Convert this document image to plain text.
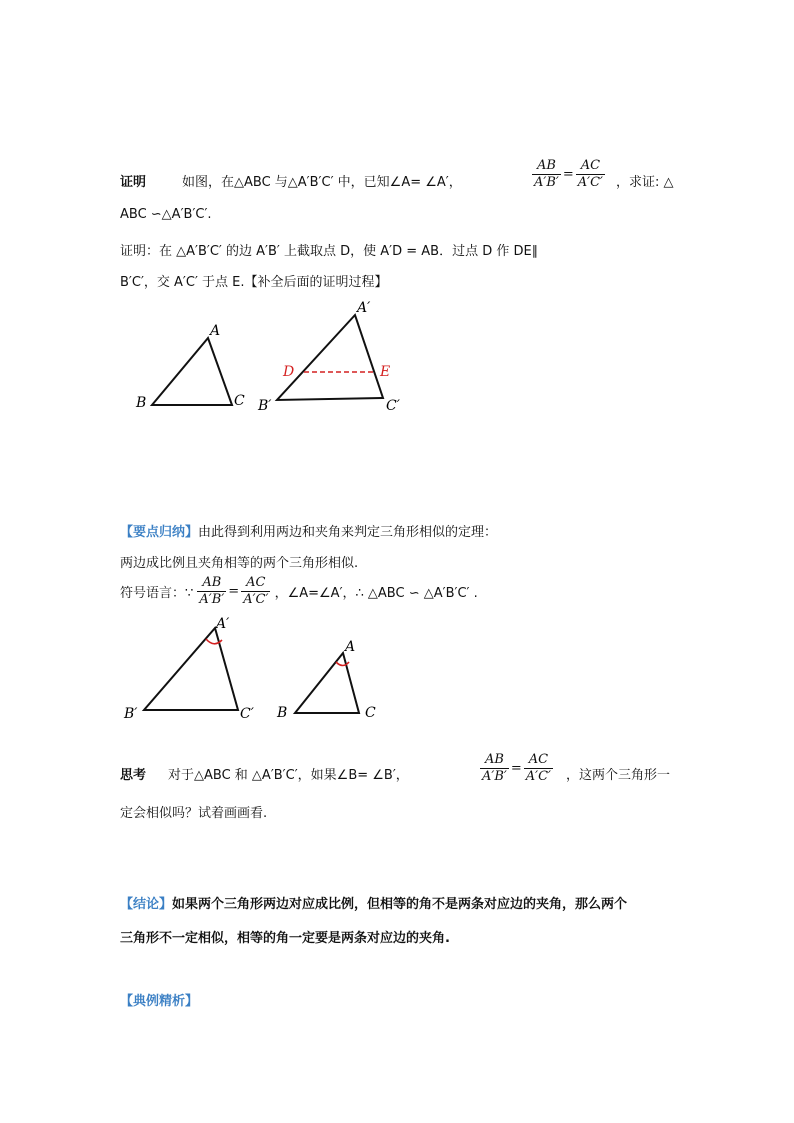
证明	如图，在△ABC 与△A′B′C′ 中，已知∠A= ∠A′，	$\frac{AB}{A'B'} = \frac{AC}{A'C'}$ ，求证: △
ABC ∽△A′B′C′.
证明：在 △A′B′C′ 的边 A′B′ 上截取点 D，使 A′D = AB．过点 D 作 DE∥
B′C′，交 A′C′ 于点 E.【补全后面的证明过程】
A
B	C
A′
B′	C′
D	E
【要点归纳】由此得到利用两边和夹角来判定三角形相似的定理：
两边成比例且夹角相等的两个三角形相似.
符号语言：∵ $\frac{AB}{A'B'} = \frac{AC}{A'C'}$ ，∠A=∠A′，∴ △ABC ∽ △A′B′C′ .
A′
B′	C′
A
B	C
思考 对于△ABC 和 △A′B′C′，如果∠B= ∠B′，	$\frac{AB}{A'B'} = \frac{AC}{A'C'}$ ，这两个三角形一
定会相似吗？试着画画看.
【结论】如果两个三角形两边对应成比例，但相等的角不是两条对应边的夹角，那么两个
三角形不一定相似，相等的角一定要是两条对应边的夹角.
【典例精析】
